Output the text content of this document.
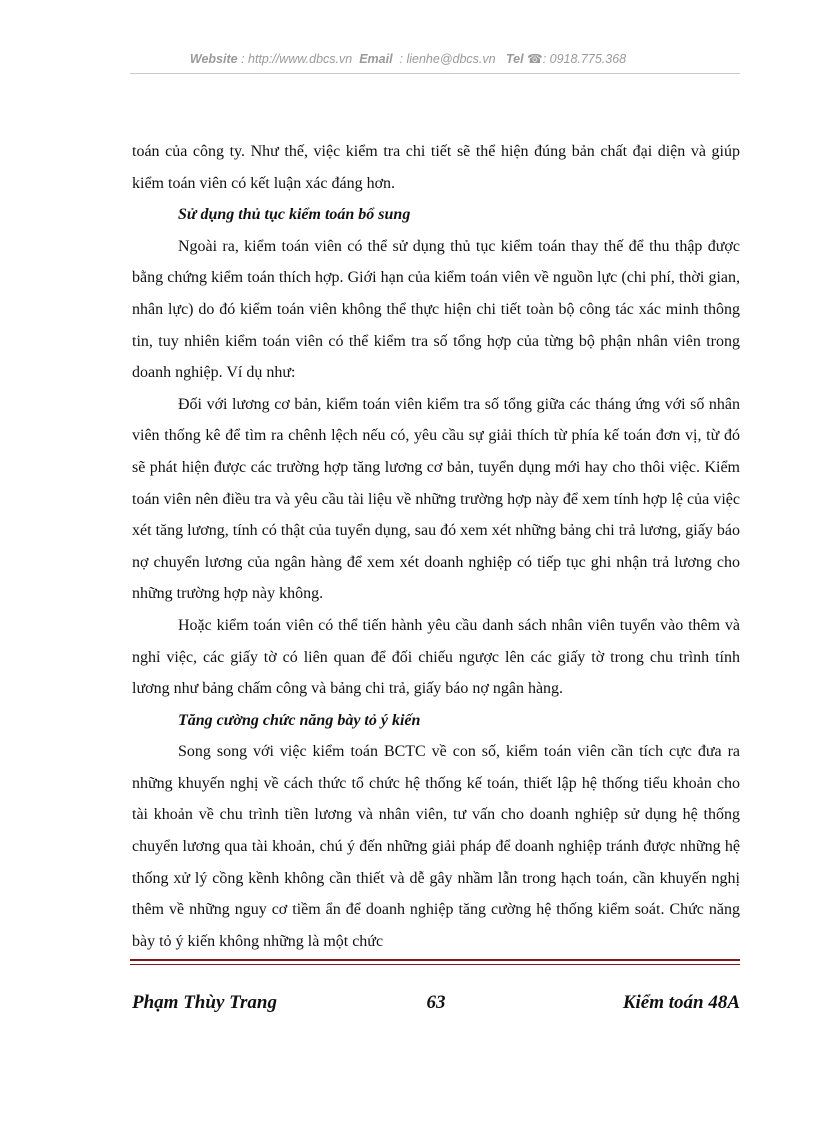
Website : http://www.dbcs.vn Email : lienhe@dbcs.vn Tel ☎: 0918.775.368

toán của công ty. Như thế, việc kiểm tra chi tiết sẽ thể hiện đúng bản chất đại diện và giúp kiểm toán viên có kết luận xác đáng hơn.

Sử dụng thủ tục kiểm toán bổ sung

Ngoài ra, kiểm toán viên có thể sử dụng thủ tục kiểm toán thay thế để thu thập được bằng chứng kiểm toán thích hợp. Giới hạn của kiểm toán viên về nguồn lực (chi phí, thời gian, nhân lực) do đó kiểm toán viên không thể thực hiện chi tiết toàn bộ công tác xác minh thông tin, tuy nhiên kiểm toán viên có thể kiểm tra số tổng hợp của từng bộ phận nhân viên trong doanh nghiệp. Ví dụ như:

Đối với lương cơ bản, kiểm toán viên kiểm tra số tổng giữa các tháng ứng với số nhân viên thống kê để tìm ra chênh lệch nếu có, yêu cầu sự giải thích từ phía kế toán đơn vị, từ đó sẽ phát hiện được các trường hợp tăng lương cơ bản, tuyển dụng mới hay cho thôi việc. Kiểm toán viên nên điều tra và yêu cầu tài liệu về những trường hợp này để xem tính hợp lệ của việc xét tăng lương, tính có thật của tuyển dụng, sau đó xem xét những bảng chi trả lương, giấy báo nợ chuyển lương của ngân hàng để xem xét doanh nghiệp có tiếp tục ghi nhận trả lương cho những trường hợp này không.

Hoặc kiểm toán viên có thể tiến hành yêu cầu danh sách nhân viên tuyển vào thêm và nghỉ việc, các giấy tờ có liên quan để đối chiếu ngược lên các giấy tờ trong chu trình tính lương như bảng chấm công và bảng chi trả, giấy báo nợ ngân hàng.

Tăng cường chức năng bày tỏ ý kiến

Song song với việc kiểm toán BCTC về con số, kiểm toán viên cần tích cực đưa ra những khuyến nghị về cách thức tổ chức hệ thống kế toán, thiết lập hệ thống tiểu khoản cho tài khoản về chu trình tiền lương và nhân viên, tư vấn cho doanh nghiệp sử dụng hệ thống chuyển lương qua tài khoản, chú ý đến những giải pháp để doanh nghiệp tránh được những hệ thống xử lý cồng kềnh không cần thiết và dễ gây nhầm lẫn trong hạch toán, cần khuyến nghị thêm về những nguy cơ tiềm ẩn để doanh nghiệp tăng cường hệ thống kiểm soát. Chức năng bày tỏ ý kiến không những là một chức

Phạm Thùy Trang	63	Kiểm toán 48A
